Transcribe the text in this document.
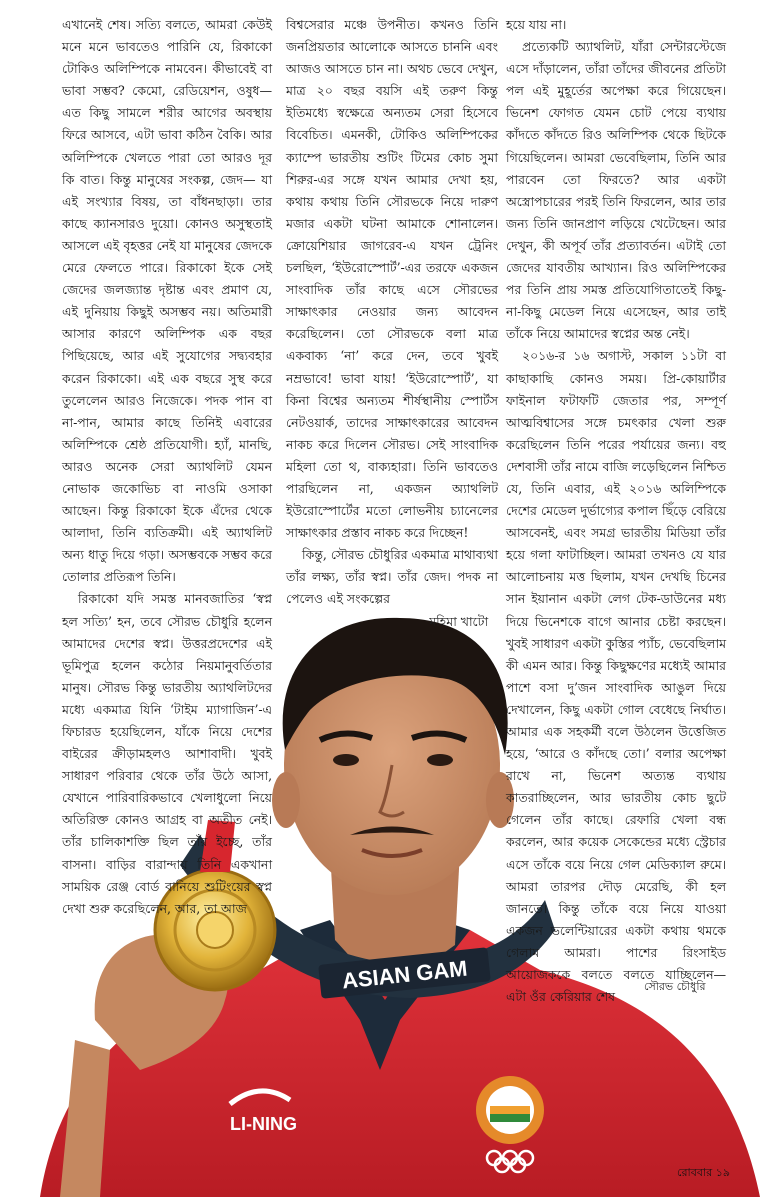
ASIAN GAM
LI-NING

এখানেই শেষ। সত্যি বলতে, আমরা কেউই মনে মনে ভাবতেও পারিনি যে, রিকাকো টোকিও অলিম্পিকে নামবেন। কীভাবেই বা ভাবা সম্ভব? কেমো, রেডিয়েশন, ওষুধ— এত কিছু সামলে শরীর আগের অবস্থায় ফিরে আসবে, এটা ভাবা কঠিন বৈকি। আর অলিম্পিকে খেলতে পারা তো আরও দূর কি বাত। কিন্তু মানুষের সংকল্প, জেদ— যা এই সংখ্যার বিষয়, তা বাঁধনছাড়া। তার কাছে ক্যানসারও দুয়ো। কোনও অসুস্থতাই আসলে এই বৃহত্তর নেই যা মানুষের জেদকে মেরে ফেলতে পারে। রিকাকো ইকে সেই জেদের জলজ্যান্ত দৃষ্টান্ত এবং প্রমাণ যে, এই দুনিয়ায় কিছুই অসম্ভব নয়। অতিমারী আসার কারণে অলিম্পিক এক বছর পিছিয়েছে, আর এই সুযোগের সদ্ব্যবহার করেন রিকাকো। এই এক বছরে সুস্থ করে তুলেলেন আরও নিজেকে। পদক পান বা না-পান, আমার কাছে তিনিই এবারের অলিম্পিকে শ্রেষ্ঠ প্রতিযোগী। হ্যাঁ, মানছি, আরও অনেক সেরা অ্যাথলিট যেমন নোভাক জকোভিচ বা নাওমি ওসাকা আছেন। কিন্তু রিকাকো ইকে এঁদের থেকে আলাদা, তিনি ব্যতিক্রমী। এই অ্যাথলিট অন্য ধাতু দিয়ে গড়া। অসম্ভবকে সম্ভব করে তোলার প্রতিরূপ তিনি।

রিকাকো যদি সমস্ত মানবজাতির ‘স্বপ্ন হল সত্যি’ হন, তবে সৌরভ চৌধুরি হলেন আমাদের দেশের স্বপ্ন। উত্তরপ্রদেশের এই ভূমিপুত্র হলেন কঠোর নিয়মানুবর্তিতার মানুষ। সৌরভ কিন্তু ভারতীয় অ্যাথলিটদের মধ্যে একমাত্র যিনি ‘টাইম ম্যাগাজিন’-এ ফিচারড হয়েছিলেন, যাঁকে নিয়ে দেশের বাইরের ক্রীড়ামহলও আশাবাদী। খুবই সাধারণ পরিবার থেকে তাঁর উঠে আসা, যেখানে পারিবারিকভাবে খেলাধুলো নিয়ে অতিরিক্ত কোনও আগ্রহ বা অতীত নেই। তাঁর চালিকাশক্তি ছিল তাঁর ইচ্ছে, তাঁর বাসনা। বাড়ির বারান্দায় তিনি একখানা সাময়িক রেঞ্জ বোর্ড বানিয়ে শুটিংয়ের স্বপ্ন দেখা শুরু করেছিলেন, আর, তা আজ

বিশ্বসেরার মঞ্চে উপনীত। কখনও তিনি জনপ্রিয়তার আলোকে আসতে চাননি এবং আজও আসতে চান না। অথচ ভেবে দেখুন, মাত্র ২০ বছর বয়সি এই তরুণ কিন্তু ইতিমধ্যে স্বক্ষেত্রে অন্যতম সেরা হিসেবে বিবেচিত। এমনকী, টোকিও অলিম্পিকের ক্যাম্পে ভারতীয় শুটিং টিমের কোচ সুমা শিরুর-এর সঙ্গে যখন আমার দেখা হয়, কথায় কথায় তিনি সৌরভকে নিয়ে দারুণ মজার একটা ঘটনা আমাকে শোনালেন। ক্রোয়েশিয়ার জাগরেব-এ যখন ট্রেনিং চলছিল, ‘ইউরোস্পোর্ট’-এর তরফে একজন সাংবাদিক তাঁর কাছে এসে সৌরভের সাক্ষাৎকার নেওয়ার জন্য আবেদন করেছিলেন। তো সৌরভকে বলা মাত্র একবাক্য ‘না’ করে দেন, তবে খুবই নম্রভাবে! ভাবা যায়! ‘ইউরোস্পোর্ট’, যা কিনা বিশ্বের অন্যতম শীর্ষস্থানীয় স্পোর্টস নেটওয়ার্ক, তাদের সাক্ষাৎকারের আবেদন নাকচ করে দিলেন সৌরভ। সেই সাংবাদিক মহিলা তো থ, বাক্যহারা। তিনি ভাবতেও পারছিলেন না, একজন অ্যাথলিট ইউরোস্পোর্টের মতো লোভনীয় চ্যানেলের সাক্ষাৎকার প্রস্তাব নাকচ করে দিচ্ছেন!

কিন্তু, সৌরভ চৌধুরির একমাত্র মাথাব্যথা তাঁর লক্ষ্য, তাঁর স্বপ্ন। তাঁর জেদ। পদক না পেলেও এই সংকল্পের

মহিমা খাটো

হয়ে যায় না।

প্রত্যেকটি অ্যাথলিট, যাঁরা সেন্টারস্টেজে এসে দাঁড়ালেন, তাঁরা তাঁদের জীবনের প্রতিটা পল এই মুহূর্তের অপেক্ষা করে গিয়েছেন। ভিনেশ ফোগত যেমন চোট পেয়ে ব্যথায় কাঁদতে কাঁদতে রিও অলিম্পিক থেকে ছিটকে গিয়েছিলেন। আমরা ভেবেছিলাম, তিনি আর পারবেন তো ফিরতে? আর একটা অস্ত্রোপচারের পরই তিনি ফিরলেন, আর তার জন্য তিনি জানপ্রাণ লড়িয়ে খেটেছেন। আর দেখুন, কী অপূর্ব তাঁর প্রত্যাবর্তন। এটাই তো জেদের যাবতীয় আখ্যান। রিও অলিম্পিকের পর তিনি প্রায় সমস্ত প্রতিযোগিতাতেই কিছু-না-কিছু মেডেল নিয়ে এসেছেন, আর তাই তাঁকে নিয়ে আমাদের স্বপ্নের অন্ত নেই।

২০১৬-র ১৬ অগাস্ট, সকাল ১১টা বা কাছাকাছি কোনও সময়। প্রি-কোয়ার্টার ফাইনাল ফটাফটি জেতার পর, সম্পূর্ণ আত্মবিশ্বাসের সঙ্গে চমৎকার খেলা শুরু করেছিলেন তিনি পরের পর্যায়ের জন্য। বহু দেশবাসী তাঁর নামে বাজি লড়েছিলেন নিশ্চিত যে, তিনি এবার, এই ২০১৬ অলিম্পিকে দেশের মেডেল দুর্ভাগ্যের কপাল ছিঁড়ে বেরিয়ে আসবেনই, এবং সমগ্র ভারতীয় মিডিয়া তাঁর হয়ে গলা ফাটাচ্ছিল। আমরা তখনও যে যার আলোচনায় মত্ত ছিলাম, যখন দেখছি চিনের সান ইয়ানান একটা লেগ টেক-ডাউনের মধ্য দিয়ে ভিনেশকে বাগে আনার চেষ্টা করছেন। খুবই সাধারণ একটা কুস্তির প্যাঁচ, ভেবেছিলাম কী এমন আর। কিন্তু কিছুক্ষণের মধ্যেই আমার পাশে বসা দু’জন সাংবাদিক আঙুল দিয়ে দেখালেন, কিছু একটা গোল বেধেছে নির্ঘাত। আমার এক সহকর্মী বলে উঠলেন উত্তেজিত হয়ে, ‘আরে ও কাঁদছে তো।’ বলার অপেক্ষা রাখে না, ভিনেশ অত্যন্ত ব্যথায় কাতরাচ্ছিলেন, আর ভারতীয় কোচ ছুটে গেলেন তাঁর কাছে। রেফারি খেলা বন্ধ করলেন, আর কয়েক সেকেন্ডের মধ্যে স্ট্রেচার এসে তাঁকে বয়ে নিয়ে গেল মেডিক্যাল রুমে। আমরা তারপর দৌড় মেরেছি, কী হল জানতে। কিন্তু তাঁকে বয়ে নিয়ে যাওয়া একজন ভলেন্টিয়ারের একটা কথায় থমকে গেলাম আমরা। পাশের রিংসাইড আয়োজককে বলতে বলতে যাচ্ছিলেন— এটা ওঁর কেরিয়ার শেষ

সৌরভ চৌধুরি
রোববার ১৯
